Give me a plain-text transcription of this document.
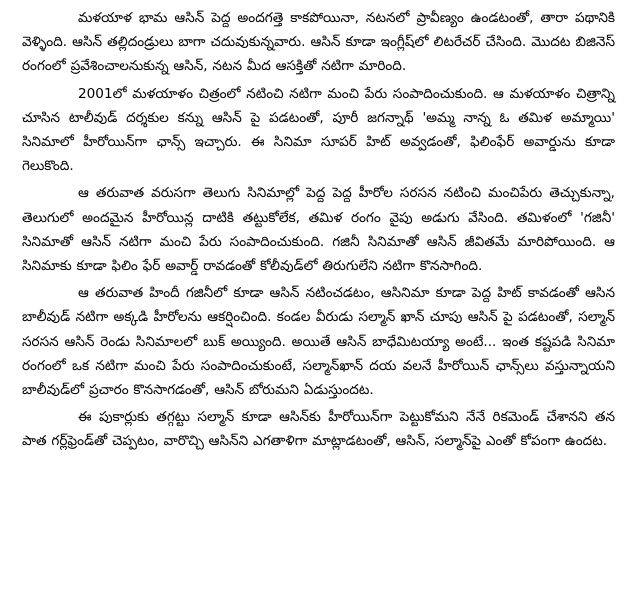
మళయాళ భామ ఆసిన్ పెద్ద అందగత్తె కాకపోయినా, నటనలో ప్రావీణ్యం ఉండటంతో, తారా పథానికి వెళ్ళింది. ఆసిన్ తల్లిదండ్రులు బాగా చదువుకున్నవారు. ఆసిన్ కూడా ఇంగ్లీష్‌లో లిటరేచర్ చేసింది. మొదట బిజినెస్ రంగంలో ప్రవేశించాలనుకున్న ఆసిన్, నటన మీద ఆసక్తితో నటిగా మారింది.

2001లో మళయాళం చిత్రంలో నటించి నటిగా మంచి పేరు సంపాదించుకుంది. ఆ మళయాళం చిత్రాన్ని చూసిన టాలీవుడ్ దర్శకుల కన్ను ఆసిన్ పై పడటంతో, పూరీ జగన్నాథ్ 'అమ్మ నాన్న ఓ తమిళ అమ్మాయి' సినిమాలో హీరోయిన్‌గా ఛాన్స్ ఇచ్చారు. ఈ సినిమా సూపర్ హిట్ అవ్వడంతో, ఫిలింఫేర్ అవార్డును కూడా గెలుకొంది.

ఆ తరువాత వరుసగా తెలుగు సినిమాల్లో పెద్ద పెద్ద హీరోల సరసన నటించి మంచిపేరు తెచ్చుకున్నా, తెలుగులో అందమైన హీరోయిన్ల దాటికి తట్టుకోలేక, తమిళ రంగం వైపు అడుగు వేసింది. తమిళంలో 'గజినీ' సినిమాతో ఆసిన్ నటిగా మంచి పేరు సంపాదించుకుంది. గజినీ సినిమాతో ఆసిన్ జీవితమే మారిపోయింది. ఆ సినిమాకు కూడా ఫిలిం ఫేర్ అవార్డ్ రావడంతో కోలీవుడ్‌లో తిరుగులేని నటిగా కొనసాగింది.

ఆ తరువాత హిందీ గజినీలో కూడా ఆసిన్ నటించడటం, ఆసినిమా కూడా పెద్ద హిట్ కావడంతో ఆసిన బాలీవుడ్ నటిగా అక్కడి హీరోలను ఆకర్షించింది. కండల వీరుడు సల్మాన్ ఖాన్ చూపు ఆసిన్ పై పడటంతో, సల్మాన్ సరసన ఆసిన్ రెండు సినిమాలలో బుక్ అయ్యింది. అయితే ఆసిన్ బాధేమిటయ్యా అంటే... ఇంత కష్టపడి సినిమా రంగంలో ఒక నటిగా మంచి పేరు సంపాదించుకుంటే, సల్మాన్‌ఖాన్ దయ వలనే హీరోయిన్ ఛాన్స్‌లు వస్తున్నాయని బాలీవుడ్‌లో ప్రచారం కొనసాగడంతో, ఆసిన్ బోరుమని ఏడుస్తుందట.

ఈ పుకార్లుకు తగ్గట్టు సల్మాన్ కూడా ఆసిన్‌కు హీరోయిన్‌గా పెట్టుకోమని నేనే రికమెండ్ చేశానని తన పాత గర్ల్‌ఫ్రెండ్‌తో చెప్పటం, వారొచ్చి ఆసిన్‌ని ఎగతాళిగా మాట్లాడటంతో, ఆసిన్, సల్మాన్‌పై ఎంతో కోపంగా ఉందట.
